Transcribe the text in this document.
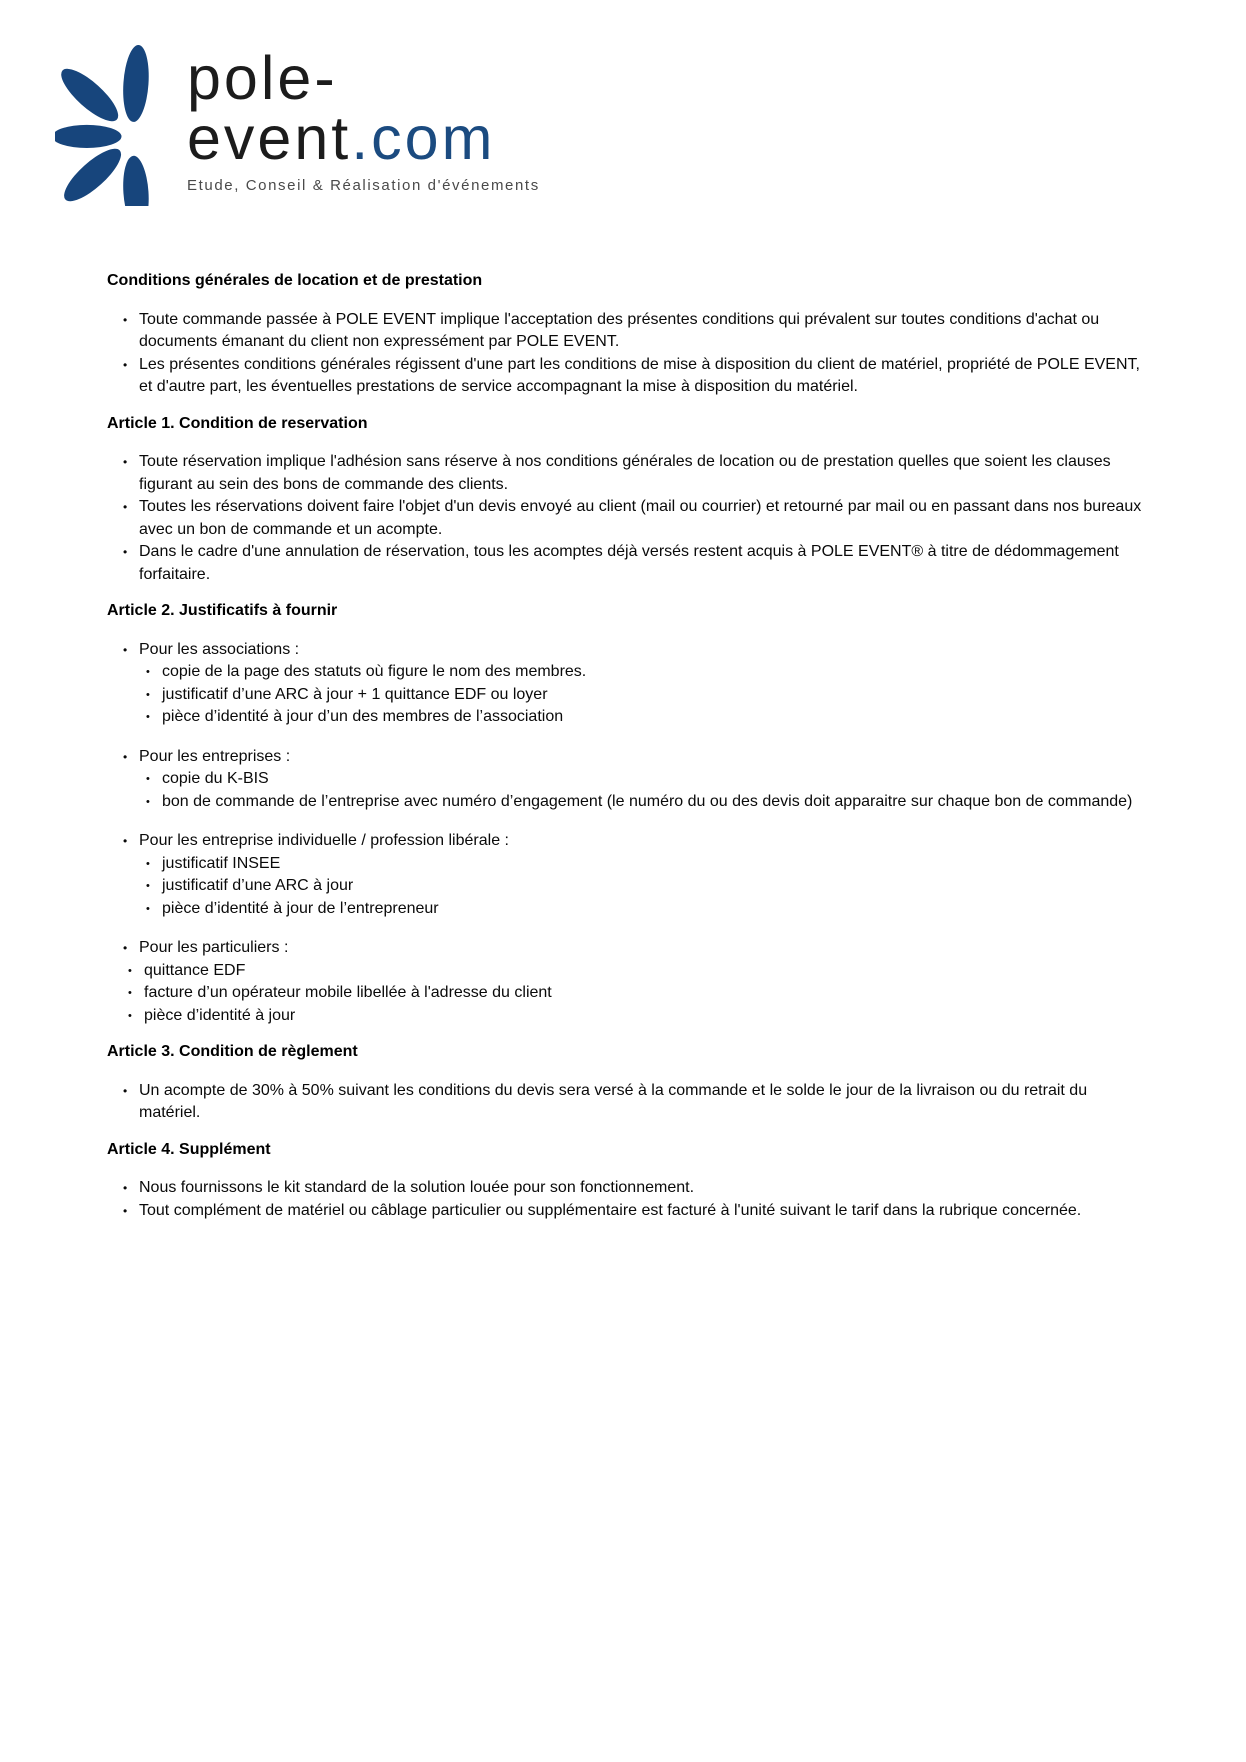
pole-
event.com
Etude, Conseil & Réalisation d'événements
Conditions générales de location et de prestation
• Toute commande passée à POLE EVENT implique l'acceptation des présentes conditions qui prévalent sur toutes conditions d'achat ou documents émanant du client non expressément par POLE EVENT.
• Les présentes conditions générales régissent d'une part les conditions de mise à disposition du client de matériel, propriété de POLE EVENT, et d'autre part, les éventuelles prestations de service accompagnant la mise à disposition du matériel.
Article 1. Condition de reservation
• Toute réservation implique l'adhésion sans réserve à nos conditions générales de location ou de prestation quelles que soient les clauses figurant au sein des bons de commande des clients.
• Toutes les réservations doivent faire l'objet d'un devis envoyé au client (mail ou courrier) et retourné par mail ou en passant dans nos bureaux avec un bon de commande et un acompte.
• Dans le cadre d'une annulation de réservation, tous les acomptes déjà versés restent acquis à POLE EVENT® à titre de dédommagement forfaitaire.
Article 2. Justificatifs à fournir
• Pour les associations :
• copie de la page des statuts où figure le nom des membres.
• justificatif d’une ARC à jour + 1 quittance EDF ou loyer
• pièce d’identité à jour d’un des membres de l’association
• Pour les entreprises :
• copie du K-BIS
• bon de commande de l’entreprise avec numéro d’engagement (le numéro du ou des devis doit apparaitre sur chaque bon de commande)
• Pour les entreprise individuelle / profession libérale :
• justificatif INSEE
• justificatif d’une ARC à jour
• pièce d’identité à jour de l’entrepreneur
• Pour les particuliers :
• quittance EDF
• facture d’un opérateur mobile libellée à l'adresse du client
• pièce d’identité à jour
Article 3. Condition de règlement
• Un acompte de 30% à 50% suivant les conditions du devis sera versé à la commande et le solde le jour de la livraison ou du retrait du matériel.
Article 4. Supplément
• Nous fournissons le kit standard de la solution louée pour son fonctionnement.
• Tout complément de matériel ou câblage particulier ou supplémentaire est facturé à l'unité suivant le tarif dans la rubrique concernée.
